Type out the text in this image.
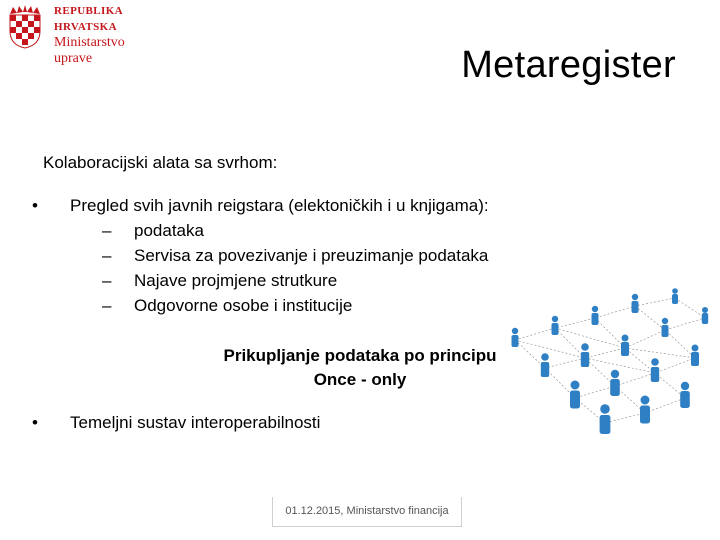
REPUBLIKA HRVATSKA
Ministarstvo
uprave	Metaregister
Kolaboracijski alata sa svrhom:
•	Pregled svih javnih reigstara (elektoničkih i u knjigama):
–	podataka
–	Servisa za povezivanje i preuzimanje podataka
–	Najave projmjene strutkure
–	Odgovorne osobe i institucije
Prikupljanje podataka po principu
Once - only
•	Temeljni sustav interoperabilnosti
01.12.2015, Ministarstvo financija
